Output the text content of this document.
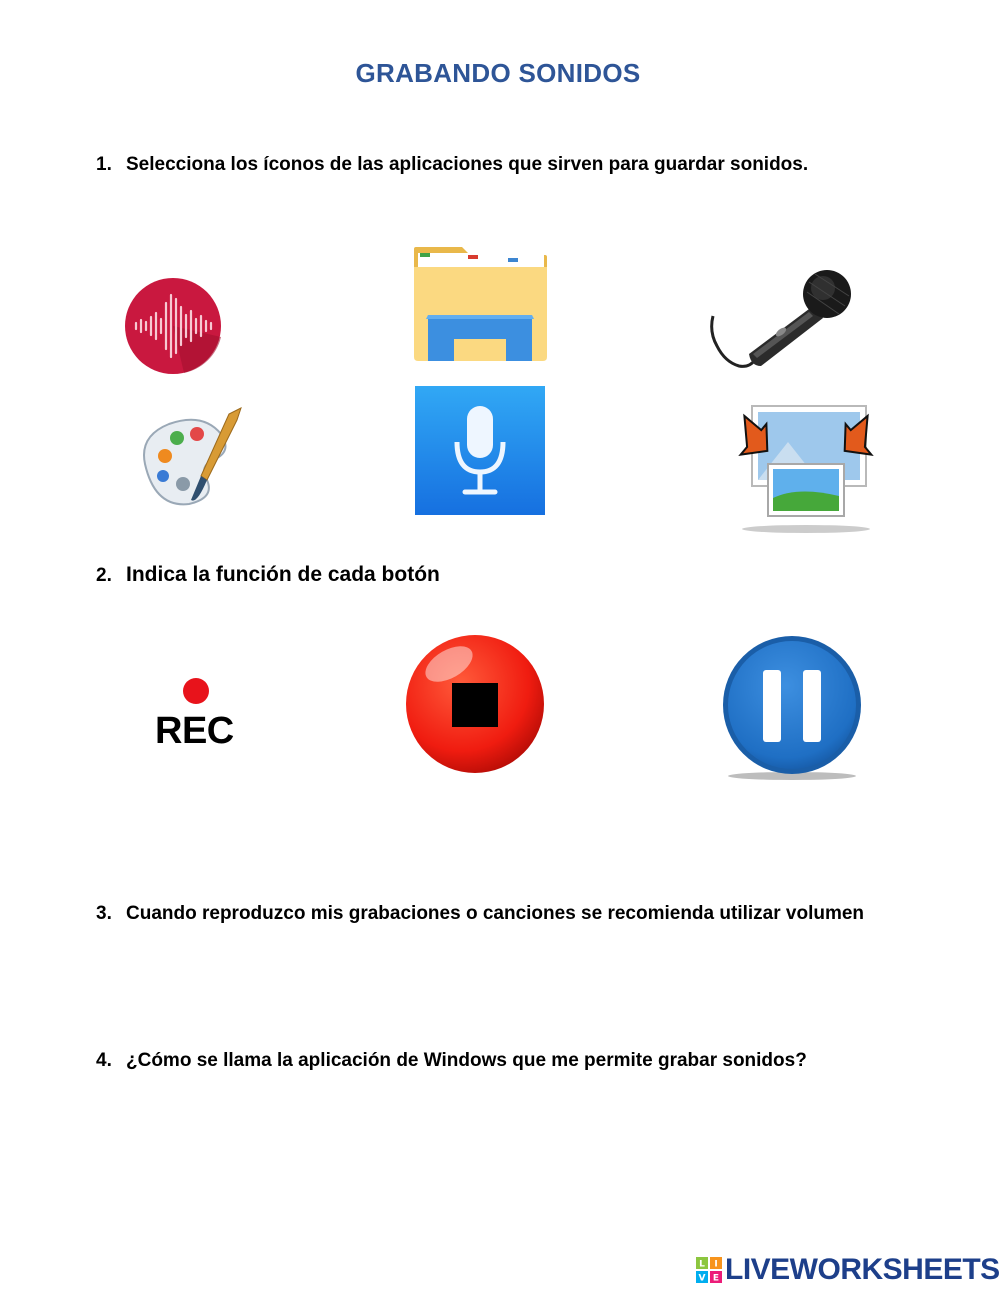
GRABANDO SONIDOS
1. Selecciona los íconos de las aplicaciones que sirven para guardar sonidos.
2. Indica la función de cada botón
REC
3. Cuando reproduzco mis grabaciones o canciones se recomienda utilizar volumen
4. ¿Cómo se llama la aplicación de Windows que me permite grabar sonidos?
L I
V E LIVEWORKSHEETS
